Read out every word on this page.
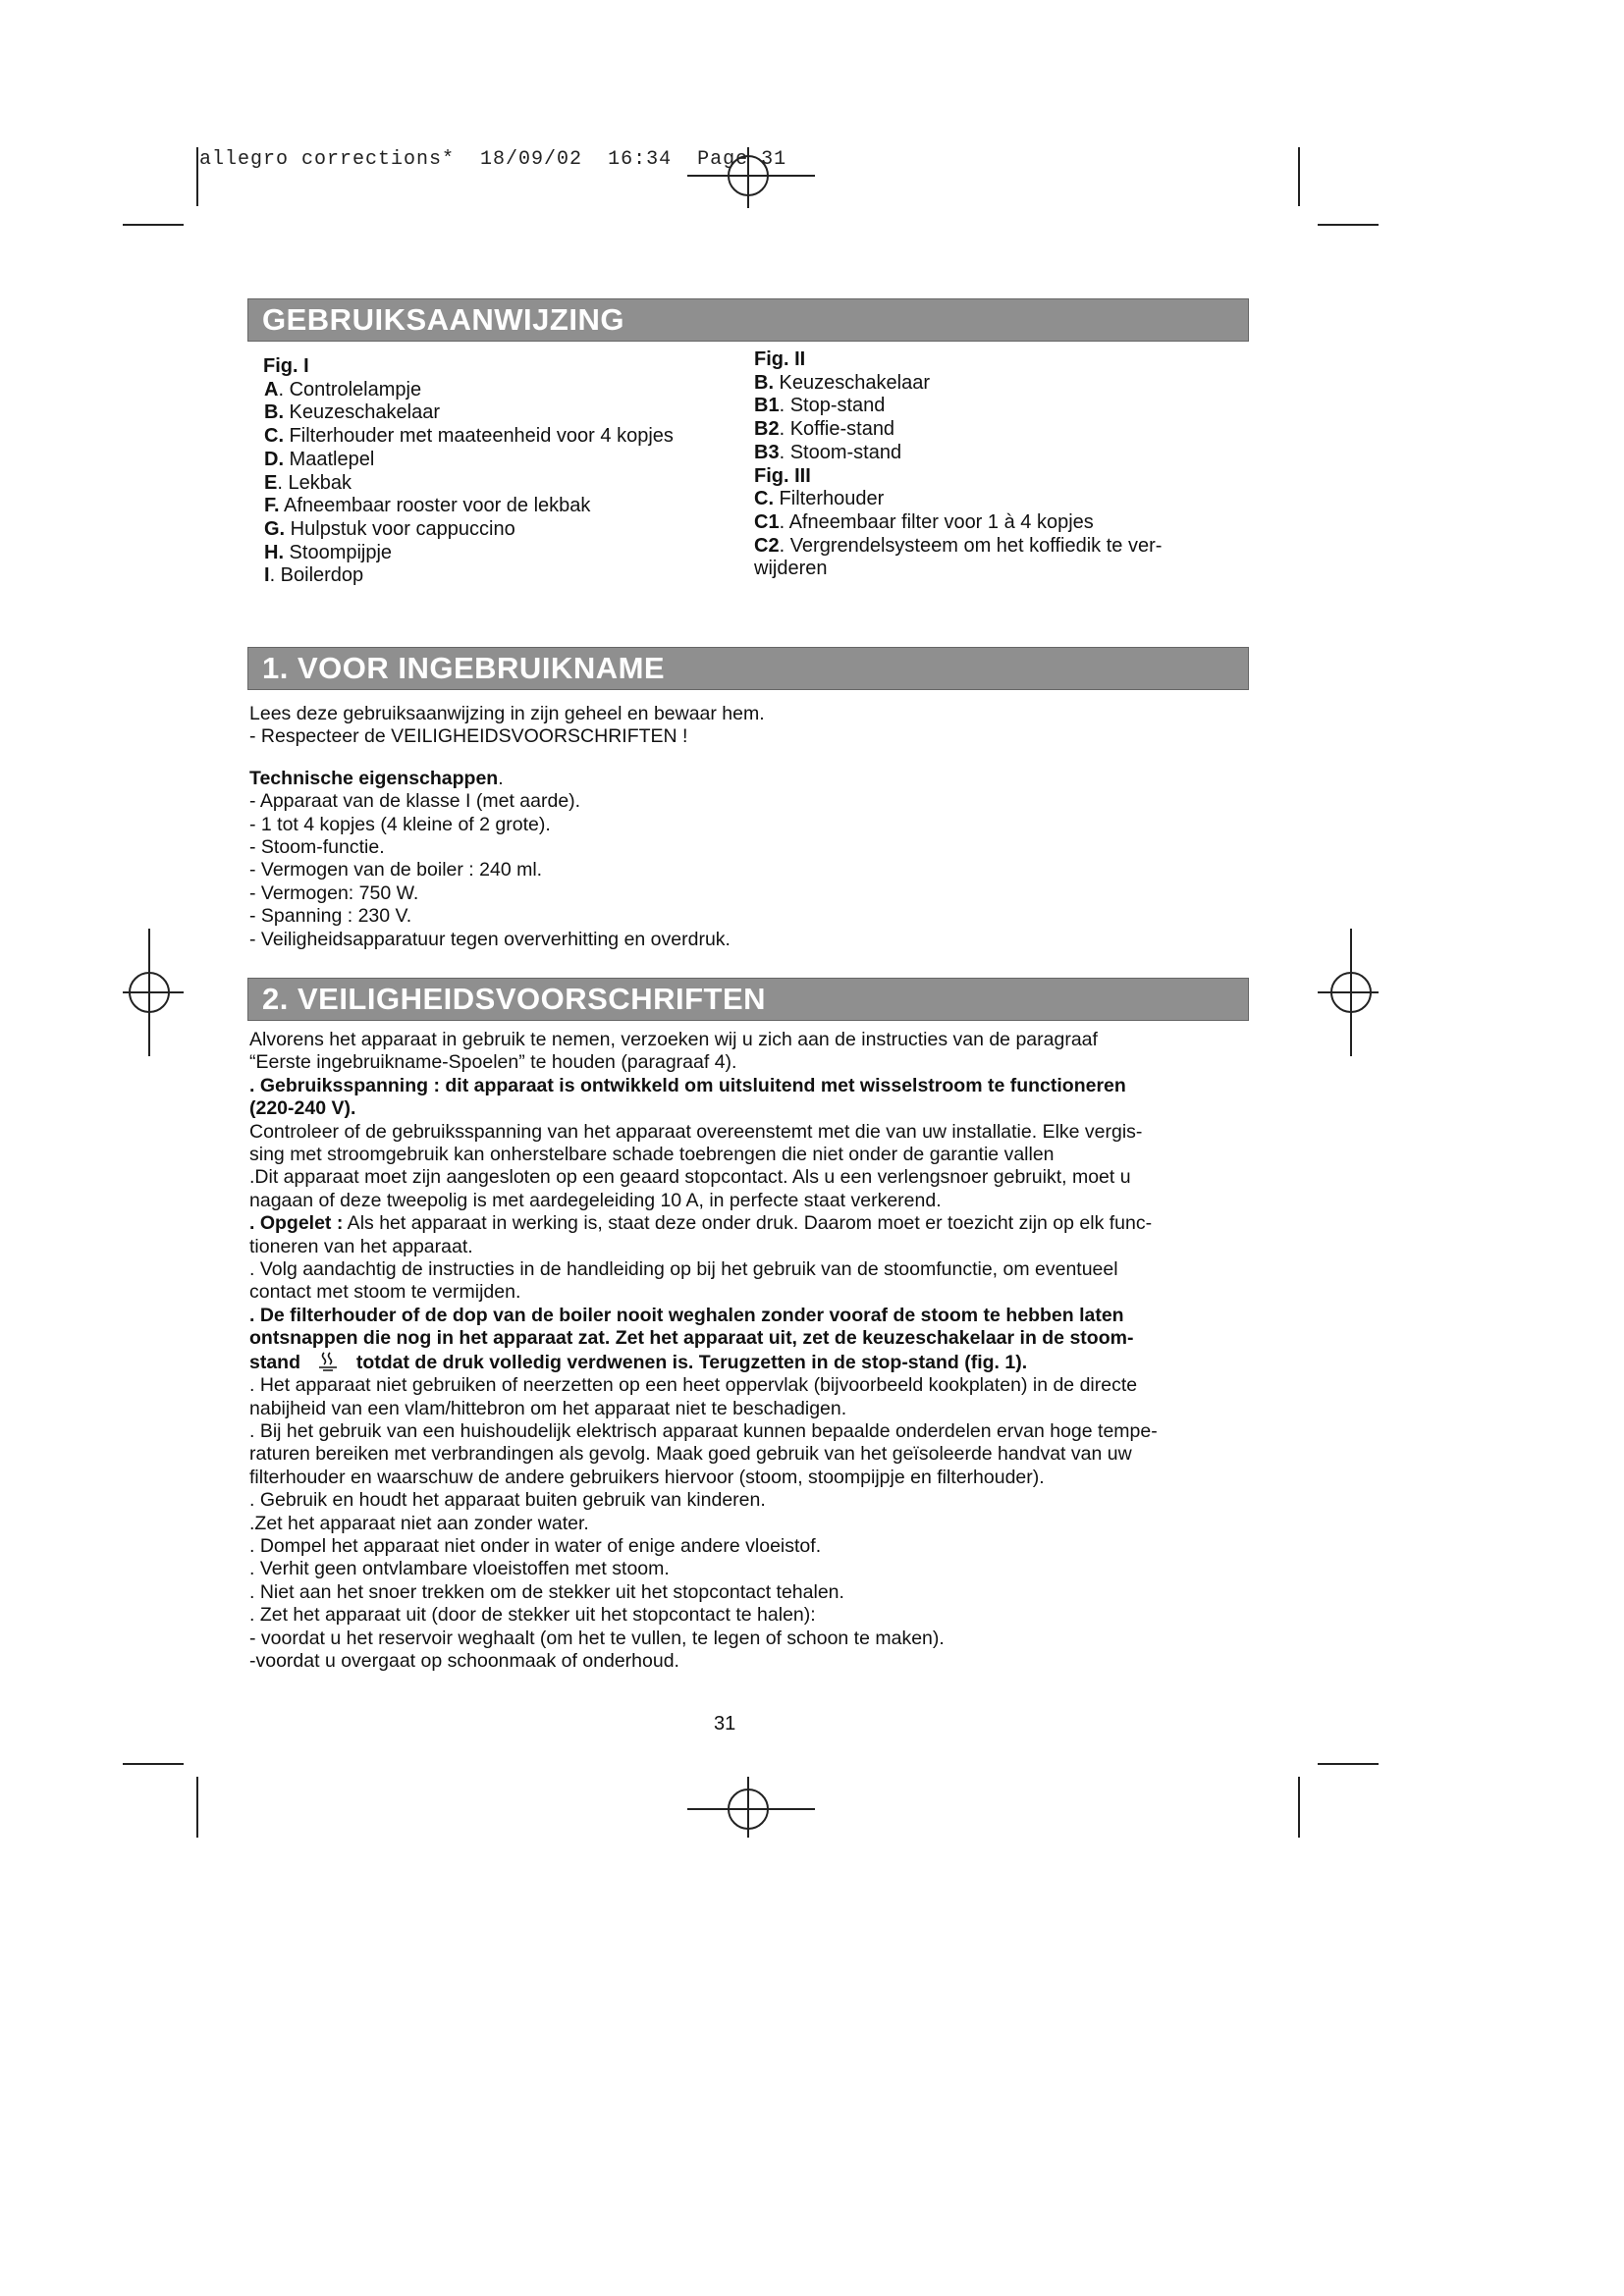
allegro corrections*  18/09/02  16:34  Page 31
GEBRUIKSAANWIJZING
Fig. I
A. Controlelampje
B. Keuzeschakelaar
C. Filterhouder met maateenheid voor 4 kopjes
D. Maatlepel
E. Lekbak
F. Afneembaar rooster voor de lekbak
G. Hulpstuk voor cappuccino
H. Stoompijpje
I. Boilerdop
Fig. II
B. Keuzeschakelaar
B1. Stop-stand
B2. Koffie-stand
B3. Stoom-stand
Fig. III
C. Filterhouder
C1. Afneembaar filter voor 1 à 4 kopjes
C2. Vergrendelsysteem om het koffiedik te ver-
wijderen
1. VOOR INGEBRUIKNAME
Lees deze gebruiksaanwijzing in zijn geheel en bewaar hem.
- Respecteer de VEILIGHEIDSVOORSCHRIFTEN !
Technische eigenschappen.
- Apparaat van de klasse I (met aarde).
- 1 tot 4 kopjes (4 kleine of 2 grote).
- Stoom-functie.
- Vermogen van de boiler : 240 ml.
- Vermogen: 750 W.
- Spanning : 230 V.
- Veiligheidsapparatuur tegen oververhitting en overdruk.
2. VEILIGHEIDSVOORSCHRIFTEN
Alvorens het apparaat in gebruik te nemen, verzoeken wij u zich aan de instructies van de paragraaf
“Eerste ingebruikname-Spoelen” te houden (paragraaf 4).
. Gebruiksspanning : dit apparaat is ontwikkeld om uitsluitend met wisselstroom te functioneren
(220-240 V).
Controleer of de gebruiksspanning van het apparaat overeenstemt met die van uw installatie. Elke vergis-
sing met stroomgebruik kan onherstelbare schade toebrengen die niet onder de garantie vallen
.Dit apparaat moet zijn aangesloten op een geaard stopcontact. Als u een verlengsnoer gebruikt, moet u
nagaan of deze tweepolig is met aardegeleiding 10 A, in perfecte staat verkerend.
. Opgelet : Als het apparaat in werking is, staat deze onder druk. Daarom moet er toezicht zijn op elk func-
tioneren van het apparaat.
. Volg aandachtig de instructies in de handleiding op bij het gebruik van de stoomfunctie, om eventueel
contact met stoom te vermijden.
. De filterhouder of de dop van de boiler nooit weghalen zonder vooraf de stoom te hebben laten
ontsnappen die nog in het apparaat zat. Zet het apparaat uit, zet de keuzeschakelaar in de stoom-
stand	totdat de druk volledig verdwenen is. Terugzetten in de stop-stand (fig. 1).
. Het apparaat niet gebruiken of neerzetten op een heet oppervlak (bijvoorbeeld kookplaten) in de directe
nabijheid van een vlam/hittebron om het apparaat niet te beschadigen.
. Bij het gebruik van een huishoudelijk elektrisch apparaat kunnen bepaalde onderdelen ervan hoge tempe-
raturen bereiken met verbrandingen als gevolg. Maak goed gebruik van het geïsoleerde handvat van uw
filterhouder en waarschuw de andere gebruikers hiervoor (stoom, stoompijpje en filterhouder).
. Gebruik en houdt het apparaat buiten gebruik van kinderen.
.Zet het apparaat niet aan zonder water.
. Dompel het apparaat niet onder in water of enige andere vloeistof.
. Verhit geen ontvlambare vloeistoffen met stoom.
. Niet aan het snoer trekken om de stekker uit het stopcontact tehalen.
. Zet het apparaat uit (door de stekker uit het stopcontact te halen):
- voordat u het reservoir weghaalt (om het te vullen, te legen of schoon te maken).
-voordat u overgaat op schoonmaak of onderhoud.
31
